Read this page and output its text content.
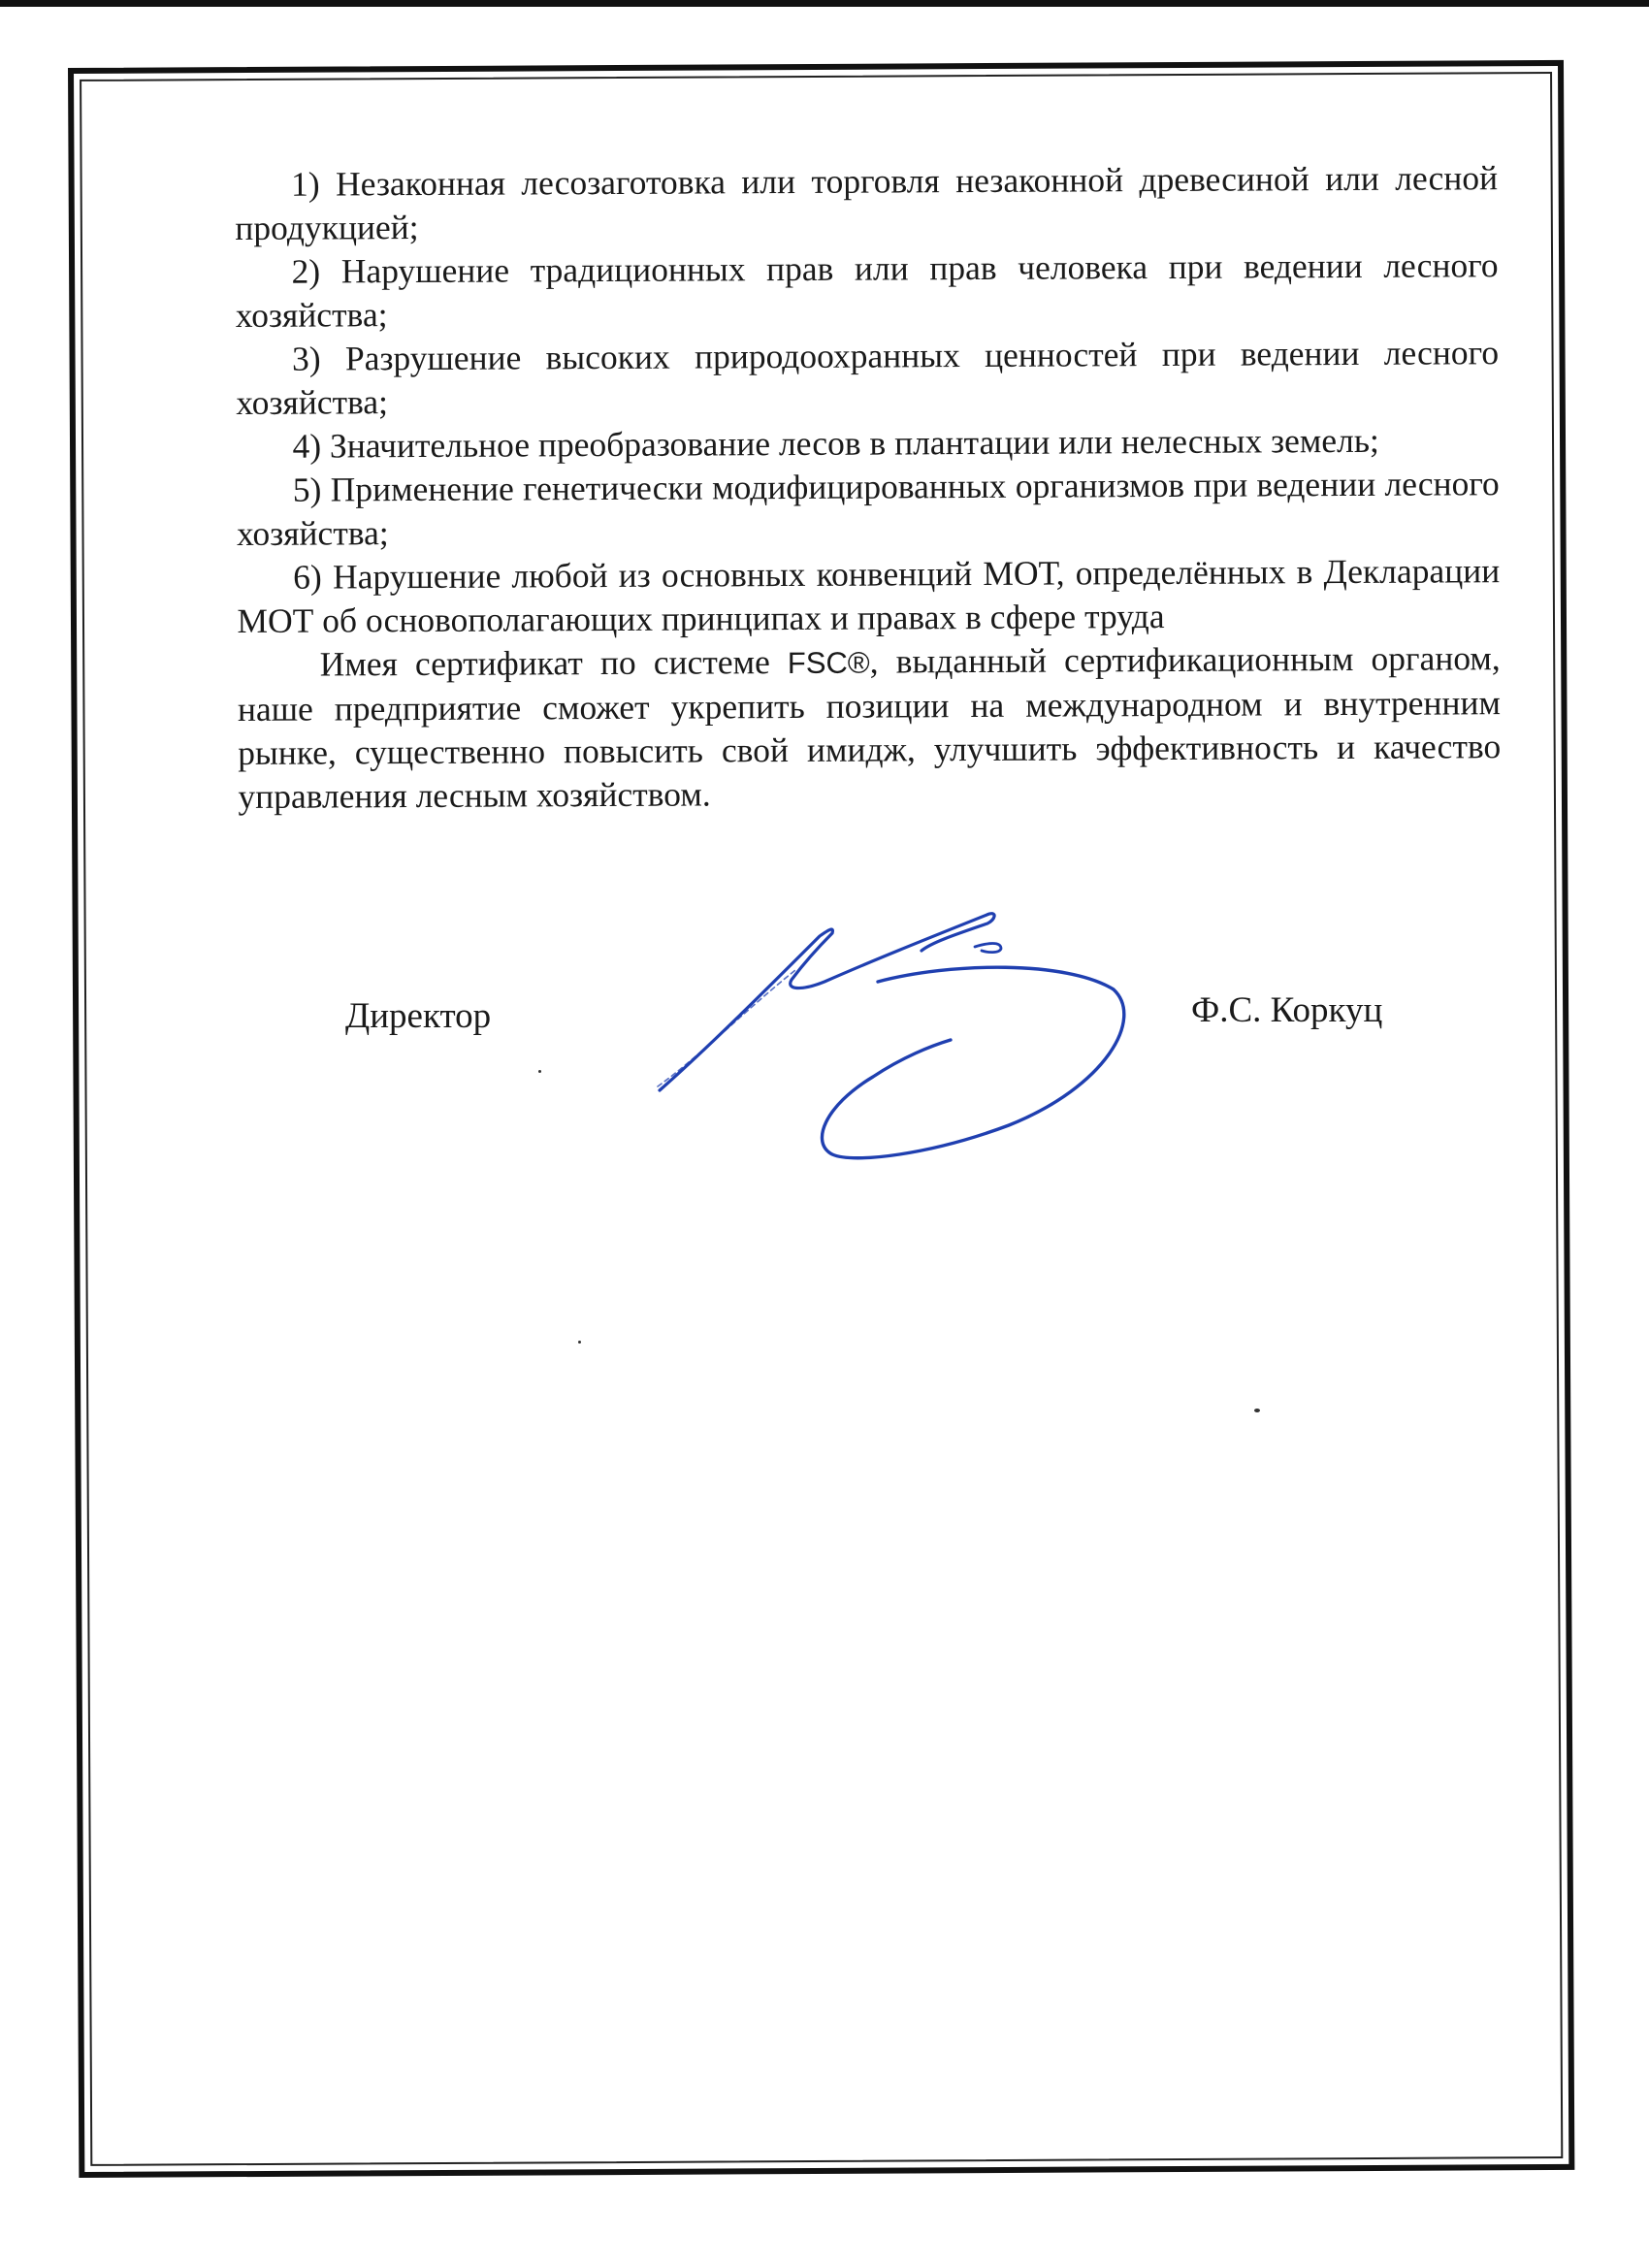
1) Незаконная лесозаготовка или торговля незаконной древесиной или лесной продукцией;

2) Нарушение традиционных прав или прав человека при ведении лесного хозяйства;

3) Разрушение высоких природоохранных ценностей при ведении лесного хозяйства;

4) Значительное преобразование лесов в плантации или нелесных земель;

5) Применение генетически модифицированных организмов при ведении лесного хозяйства;

6) Нарушение любой из основных конвенций МОТ, определённых в Декларации МОТ об основополагающих принципах и правах в сфере труда

Имея сертификат по системе FSC®, выданный сертификационным органом, наше предприятие сможет укрепить позиции на международном и внутренним рынке, существенно повысить свой имидж, улучшить эффективность и качество управления лесным хозяйством.

Директор	Ф.С. Коркуц
